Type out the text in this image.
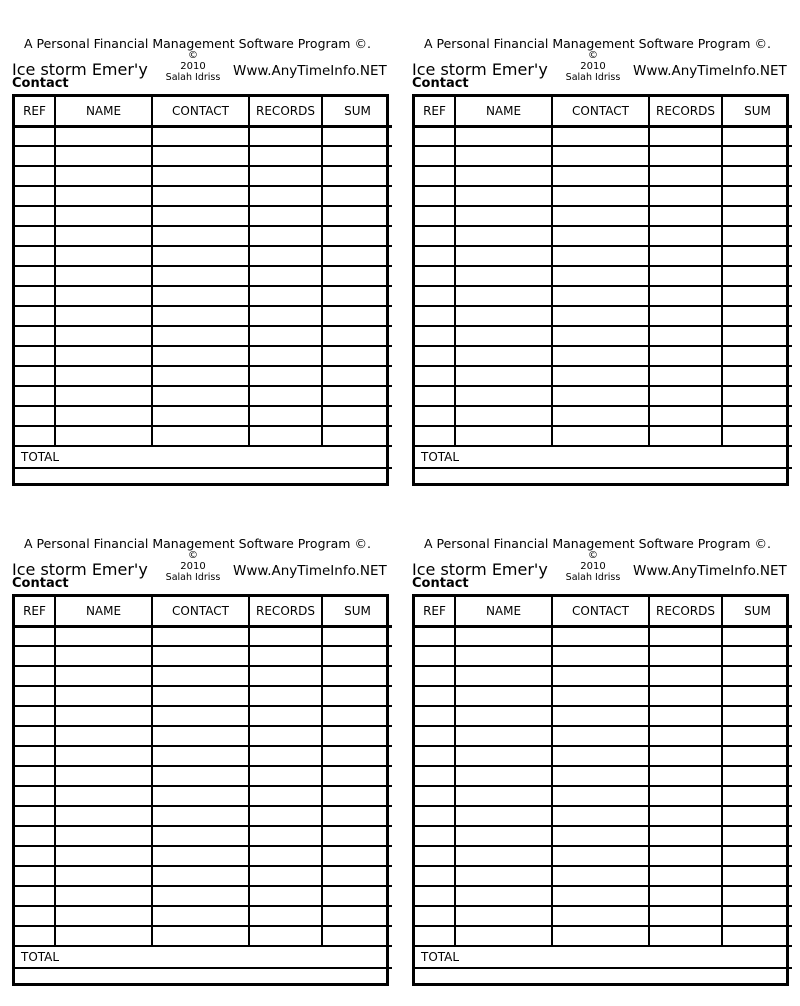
A Personal Financial Management Software Program ©.
Ice storm Emer'y
Contact
©
2010
Salah Idriss Www.AnyTimeInfo.NET
REF	NAME	CONTACT	RECORDS	SUM

TOTAL				

A Personal Financial Management Software Program ©.
Ice storm Emer'y
Contact
©
2010
Salah Idriss Www.AnyTimeInfo.NET
REF	NAME	CONTACT	RECORDS	SUM

TOTAL				

A Personal Financial Management Software Program ©.
Ice storm Emer'y
Contact
©
2010
Salah Idriss Www.AnyTimeInfo.NET
REF	NAME	CONTACT	RECORDS	SUM

TOTAL				

A Personal Financial Management Software Program ©.
Ice storm Emer'y
Contact
©
2010
Salah Idriss Www.AnyTimeInfo.NET
REF	NAME	CONTACT	RECORDS	SUM

TOTAL				
